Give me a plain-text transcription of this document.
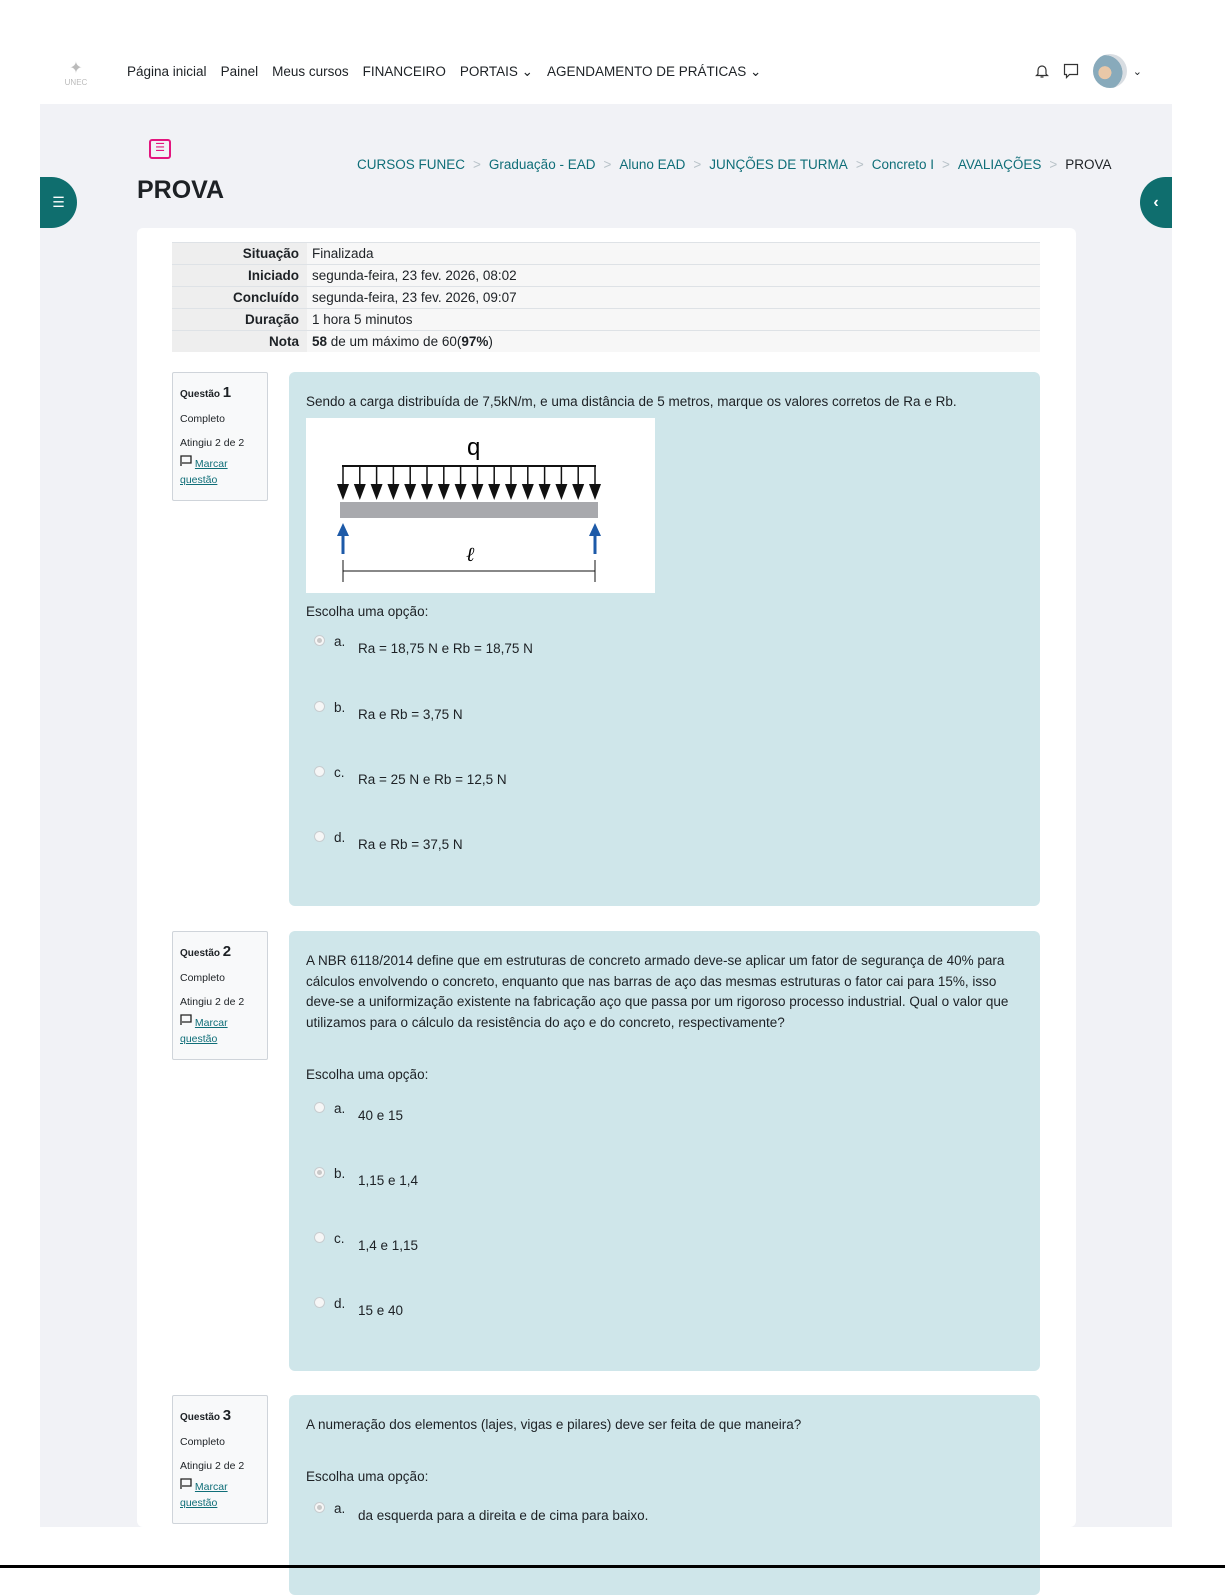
✦
UNEC
Página inicial Painel Meus cursos FINANCEIRO PORTAIS ⌄ AGENDAMENTO DE PRÁTICAS ⌄	⌄
☰
PROVA
CURSOS FUNEC > Graduação - EAD > Aluno EAD > JUNÇÕES DE TURMA > Concreto I > AVALIAÇÕES > PROVA
☰	‹
Situação	Finalizada
Iniciado	segunda-feira, 23 fev. 2026, 08:02
Concluído	segunda-feira, 23 fev. 2026, 09:07
Duração	1 hora 5 minutos
Nota	58 de um máximo de 60(97%)
Questão 1
Completo
Atingiu 2 de 2
Marcar
questão
Sendo a carga distribuída de 7,5kN/m, e uma distância de 5 metros, marque os valores corretos de Ra e Rb.
q
ℓ
Escolha uma opção:
a. Ra = 18,75 N e Rb = 18,75 N
b. Ra e Rb = 3,75 N
c. Ra = 25 N e Rb = 12,5 N
d. Ra e Rb = 37,5 N
Questão 2
Completo
Atingiu 2 de 2
Marcar
questão
A NBR 6118/2014 define que em estruturas de concreto armado deve-se aplicar um fator de segurança de 40% para cálculos envolvendo o concreto, enquanto que nas barras de aço das mesmas estruturas o fator cai para 15%, isso deve-se a uniformização existente na fabricação aço que passa por um rigoroso processo industrial. Qual o valor que utilizamos para o cálculo da resistência do aço e do concreto, respectivamente?
Escolha uma opção:
a. 40 e 15
b. 1,15 e 1,4
c. 1,4 e 1,15
d. 15 e 40
Questão 3
Completo
Atingiu 2 de 2
Marcar
questão
A numeração dos elementos (lajes, vigas e pilares) deve ser feita de que maneira?
Escolha uma opção:
a. da esquerda para a direita e de cima para baixo.
